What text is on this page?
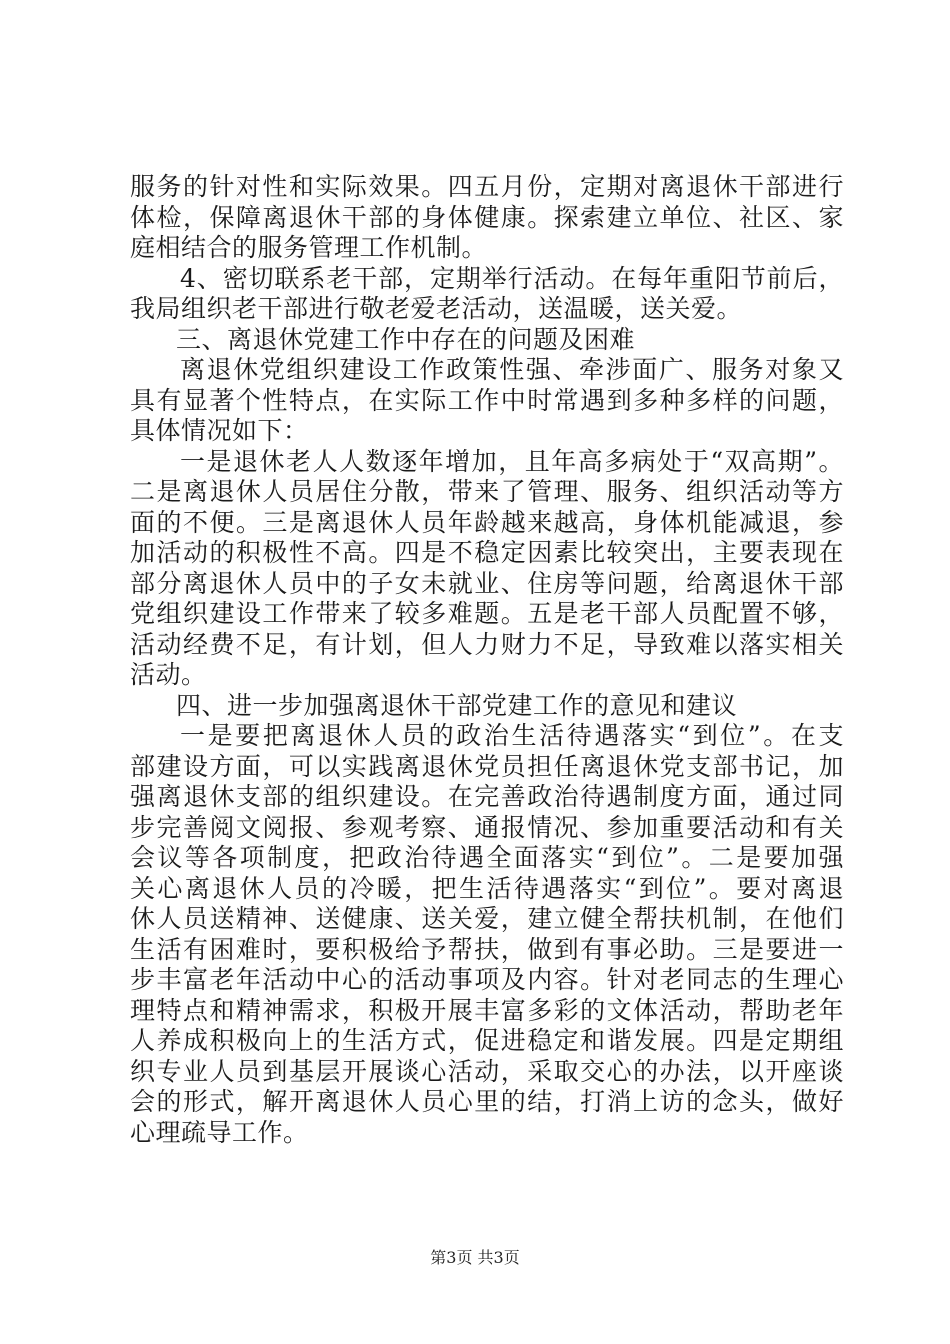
服务的针对性和实际效果。四五月份，定期对离退休干部进行
体检，保障离退休干部的身体健康。探索建立单位、社区、家
庭相结合的服务管理工作机制。
4、密切联系老干部，定期举行活动。在每年重阳节前后，
我局组织老干部进行敬老爱老活动，送温暖，送关爱。
三、离退休党建工作中存在的问题及困难
离退休党组织建设工作政策性强、牵涉面广、服务对象又
具有显著个性特点，在实际工作中时常遇到多种多样的问题，
具体情况如下：
一是退休老人人数逐年增加，且年高多病处于“双高期”。
二是离退休人员居住分散，带来了管理、服务、组织活动等方
面的不便。三是离退休人员年龄越来越高，身体机能减退，参
加活动的积极性不高。四是不稳定因素比较突出，主要表现在
部分离退休人员中的子女未就业、住房等问题，给离退休干部
党组织建设工作带来了较多难题。五是老干部人员配置不够，
活动经费不足，有计划，但人力财力不足，导致难以落实相关
活动。
四、进一步加强离退休干部党建工作的意见和建议
一是要把离退休人员的政治生活待遇落实“到位”。在支
部建设方面，可以实践离退休党员担任离退休党支部书记，加
强离退休支部的组织建设。在完善政治待遇制度方面，通过同
步完善阅文阅报、参观考察、通报情况、参加重要活动和有关
会议等各项制度，把政治待遇全面落实“到位”。二是要加强
关心离退休人员的冷暖，把生活待遇落实“到位”。要对离退
休人员送精神、送健康、送关爱，建立健全帮扶机制，在他们
生活有困难时，要积极给予帮扶，做到有事必助。三是要进一
步丰富老年活动中心的活动事项及内容。针对老同志的生理心
理特点和精神需求，积极开展丰富多彩的文体活动，帮助老年
人养成积极向上的生活方式，促进稳定和谐发展。四是定期组
织专业人员到基层开展谈心活动，采取交心的办法，以开座谈
会的形式，解开离退休人员心里的结，打消上访的念头，做好
心理疏导工作。
第3页 共3页
